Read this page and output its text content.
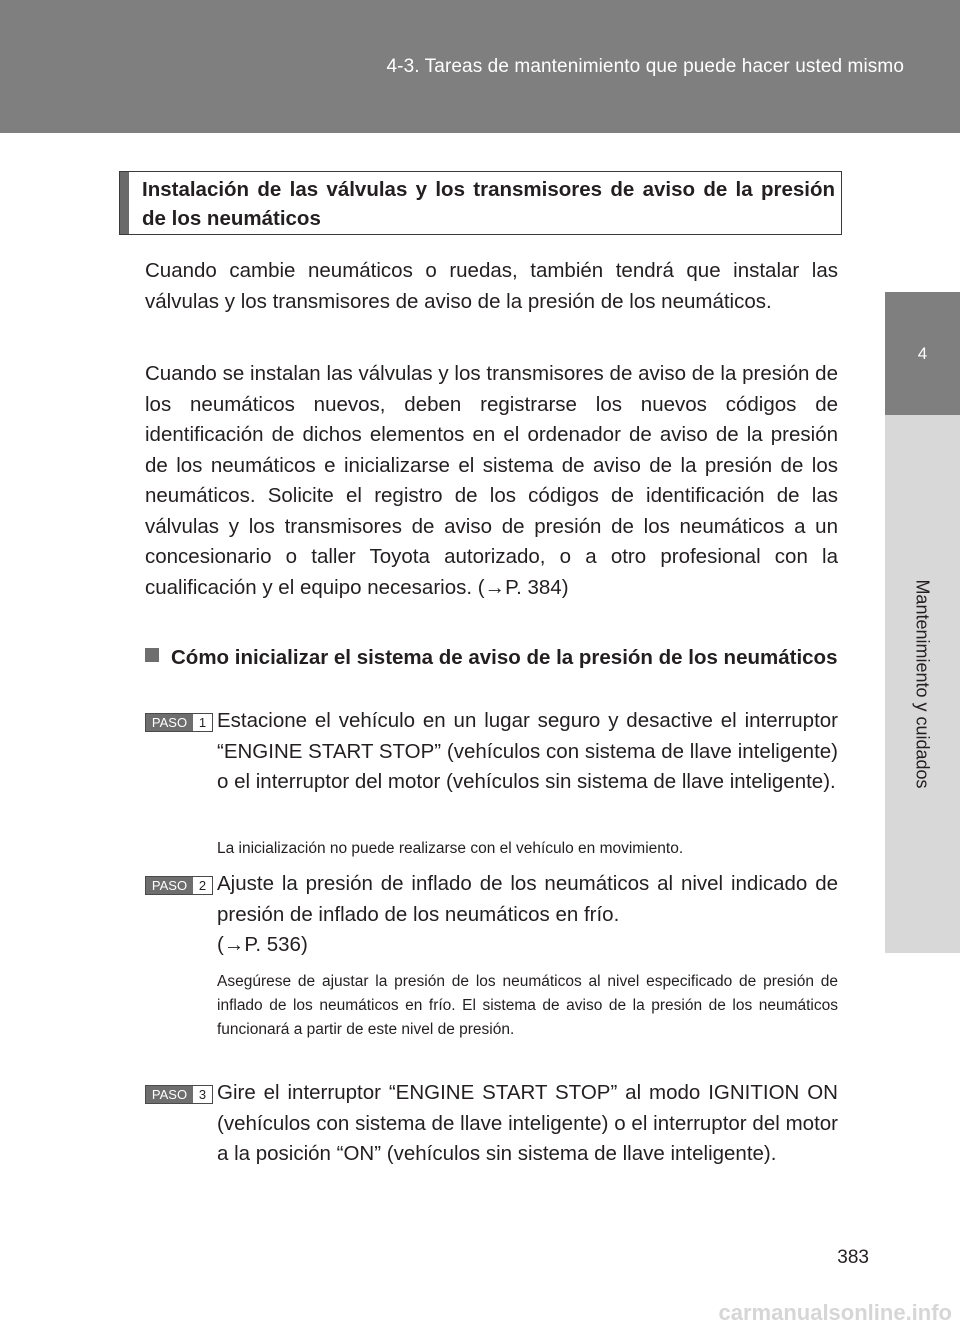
4-3. Tareas de mantenimiento que puede hacer usted mismo
4
Mantenimiento y cuidados
Instalación de las válvulas y los transmisores de aviso de la presión de los neumáticos
Cuando cambie neumáticos o ruedas, también tendrá que instalar las válvulas y los transmisores de aviso de la presión de los neumáticos.
Cuando se instalan las válvulas y los transmisores de aviso de la presión de los neumáticos nuevos, deben registrarse los nuevos códigos de identificación de dichos elementos en el ordenador de aviso de la presión de los neumáticos e inicializarse el sistema de aviso de la presión de los neumáticos. Solicite el registro de los códigos de identificación de las válvulas y los transmisores de aviso de presión de los neumáticos a un concesionario o taller Toyota autorizado, o a otro profesional con la cualificación y el equipo necesarios. (→P. 384)
Cómo inicializar el sistema de aviso de la presión de los neumáticos
PASO 1 Estacione el vehículo en un lugar seguro y desactive el interruptor “ENGINE START STOP” (vehículos con sistema de llave inteligente) o el interruptor del motor (vehículos sin sistema de llave inteligente).
La inicialización no puede realizarse con el vehículo en movimiento.
PASO 2 Ajuste la presión de inflado de los neumáticos al nivel indicado de presión de inflado de los neumáticos en frío.
(→P. 536)
Asegúrese de ajustar la presión de los neumáticos al nivel especificado de presión de inflado de los neumáticos en frío. El sistema de aviso de la presión de los neumáticos funcionará a partir de este nivel de presión.
PASO 3 Gire el interruptor “ENGINE START STOP” al modo IGNITION ON (vehículos con sistema de llave inteligente) o el interruptor del motor a la posición “ON” (vehículos sin sistema de llave inteligente).
383
carmanualsonline.info
